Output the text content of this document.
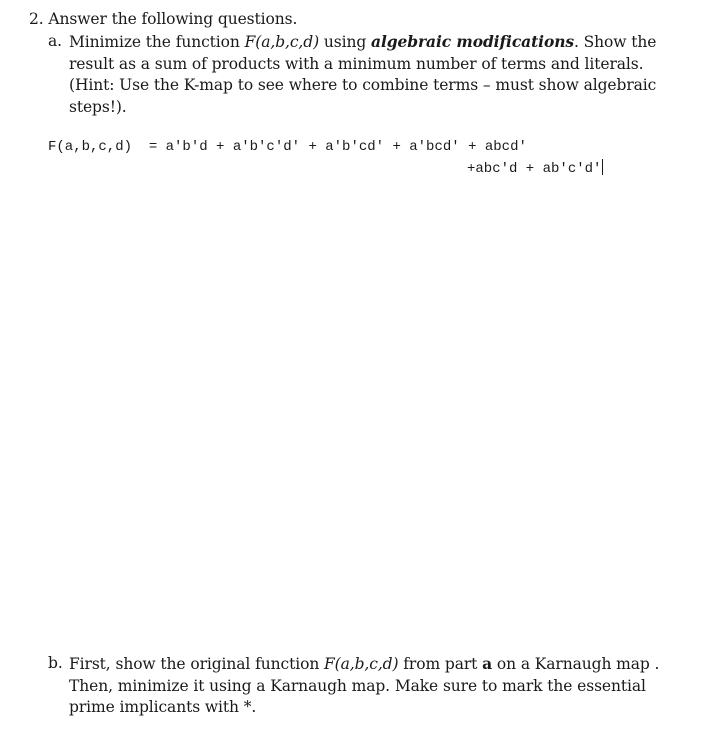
2. Answer the following questions.
a. Minimize the function F(a,b,c,d) using algebraic modifications. Show the result as a sum of products with a minimum number of terms and literals. (Hint: Use the K-map to see where to combine terms – must show algebraic steps!).

F(a,b,c,d)  = a'b'd + a'b'c'd' + a'b'cd' + a'bcd' + abcd'

+abc'd + ab'c'd'

b. First, show the original function F(a,b,c,d) from part a on a Karnaugh map . Then, minimize it using a Karnaugh map. Make sure to mark the essential prime implicants with *.
